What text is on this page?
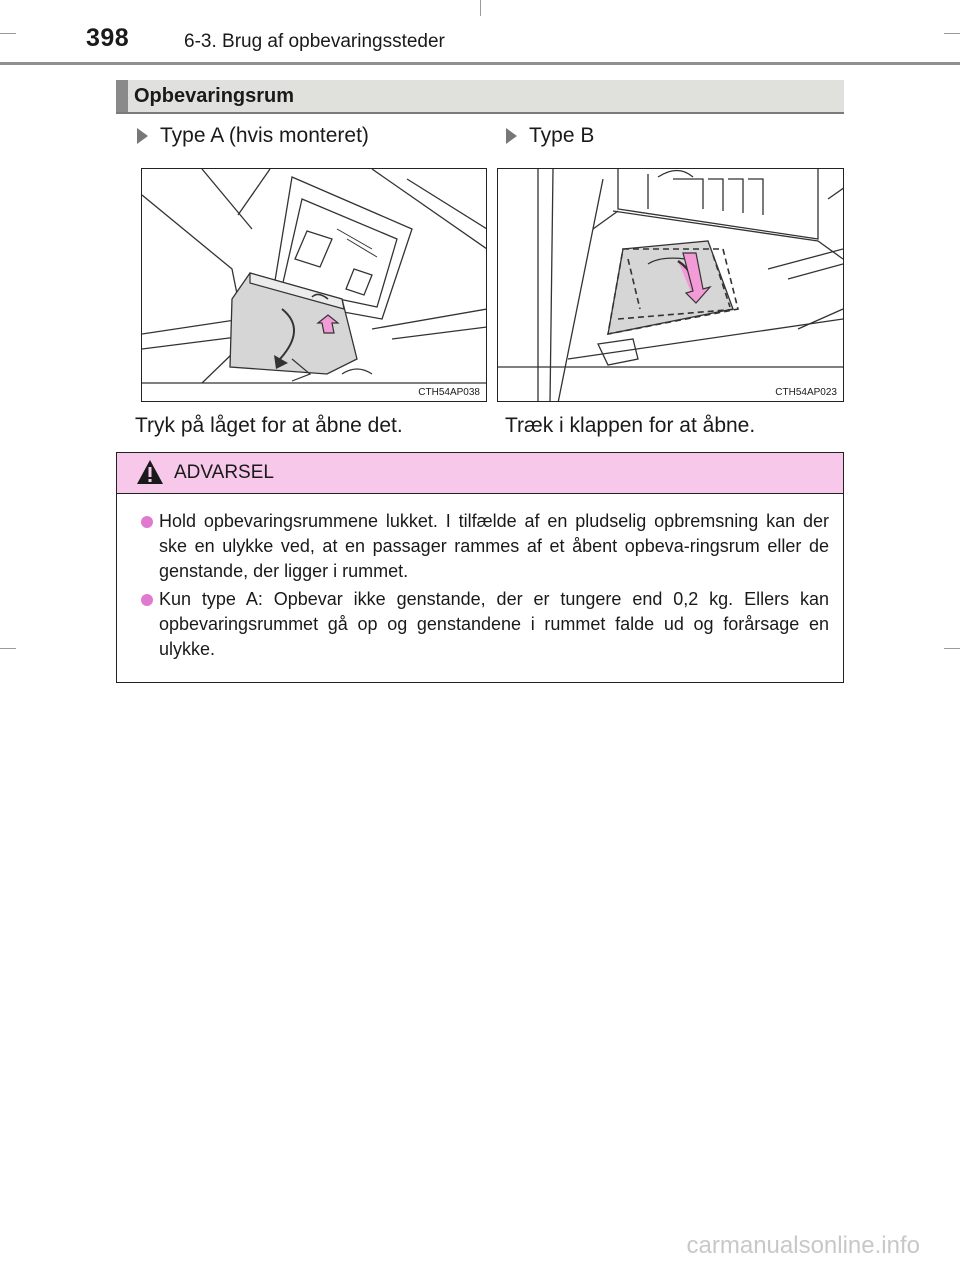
398	6-3. Brug af opbevaringssteder
Opbevaringsrum
Type A (hvis monteret)	Type B
CTH54AP038	CTH54AP023
Tryk på låget for at åbne det.	Træk i klappen for at åbne.
ADVARSEL
Hold opbevaringsrummene lukket. I tilfælde af en pludselig opbremsning kan der ske en ulykke ved, at en passager rammes af et åbent opbeva-ringsrum eller de genstande, der ligger i rummet.
Kun type A: Opbevar ikke genstande, der er tungere end 0,2 kg. Ellers kan opbevaringsrummet gå op og genstandene i rummet falde ud og forårsage en ulykke.
carmanualsonline.info
